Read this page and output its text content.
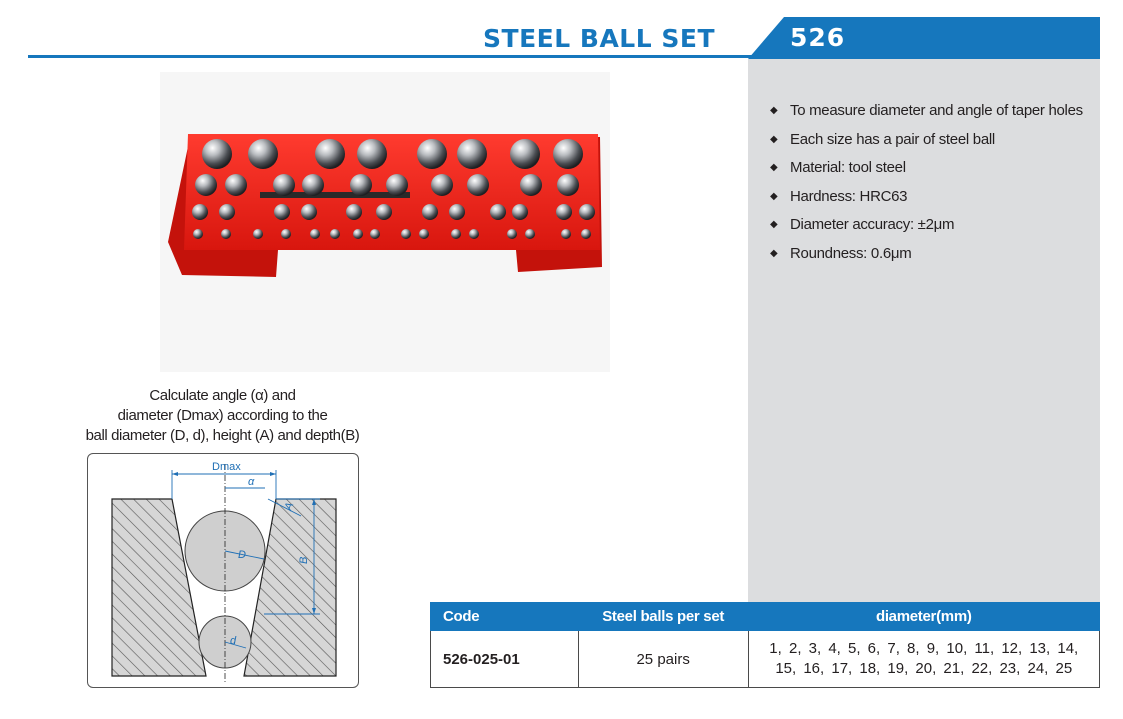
STEEL BALL SET	526
◆ To measure diameter and angle of taper holes
◆ Each size has a pair of steel ball
◆ Material: tool steel
◆ Hardness: HRC63
◆ Diameter accuracy: ±2μm
◆ Roundness: 0.6μm
Calculate angle (α) and
diameter (Dmax) according to the
ball diameter (D, d), height (A) and depth(B)
Dmax
α
A
B
D
d
Code	Steel balls per set	diameter(mm)
526-025-01	25 pairs	1, 2, 3, 4, 5, 6, 7, 8, 9, 10, 11, 12, 13, 14,
15, 16, 17, 18, 19, 20, 21, 22, 23, 24, 25
